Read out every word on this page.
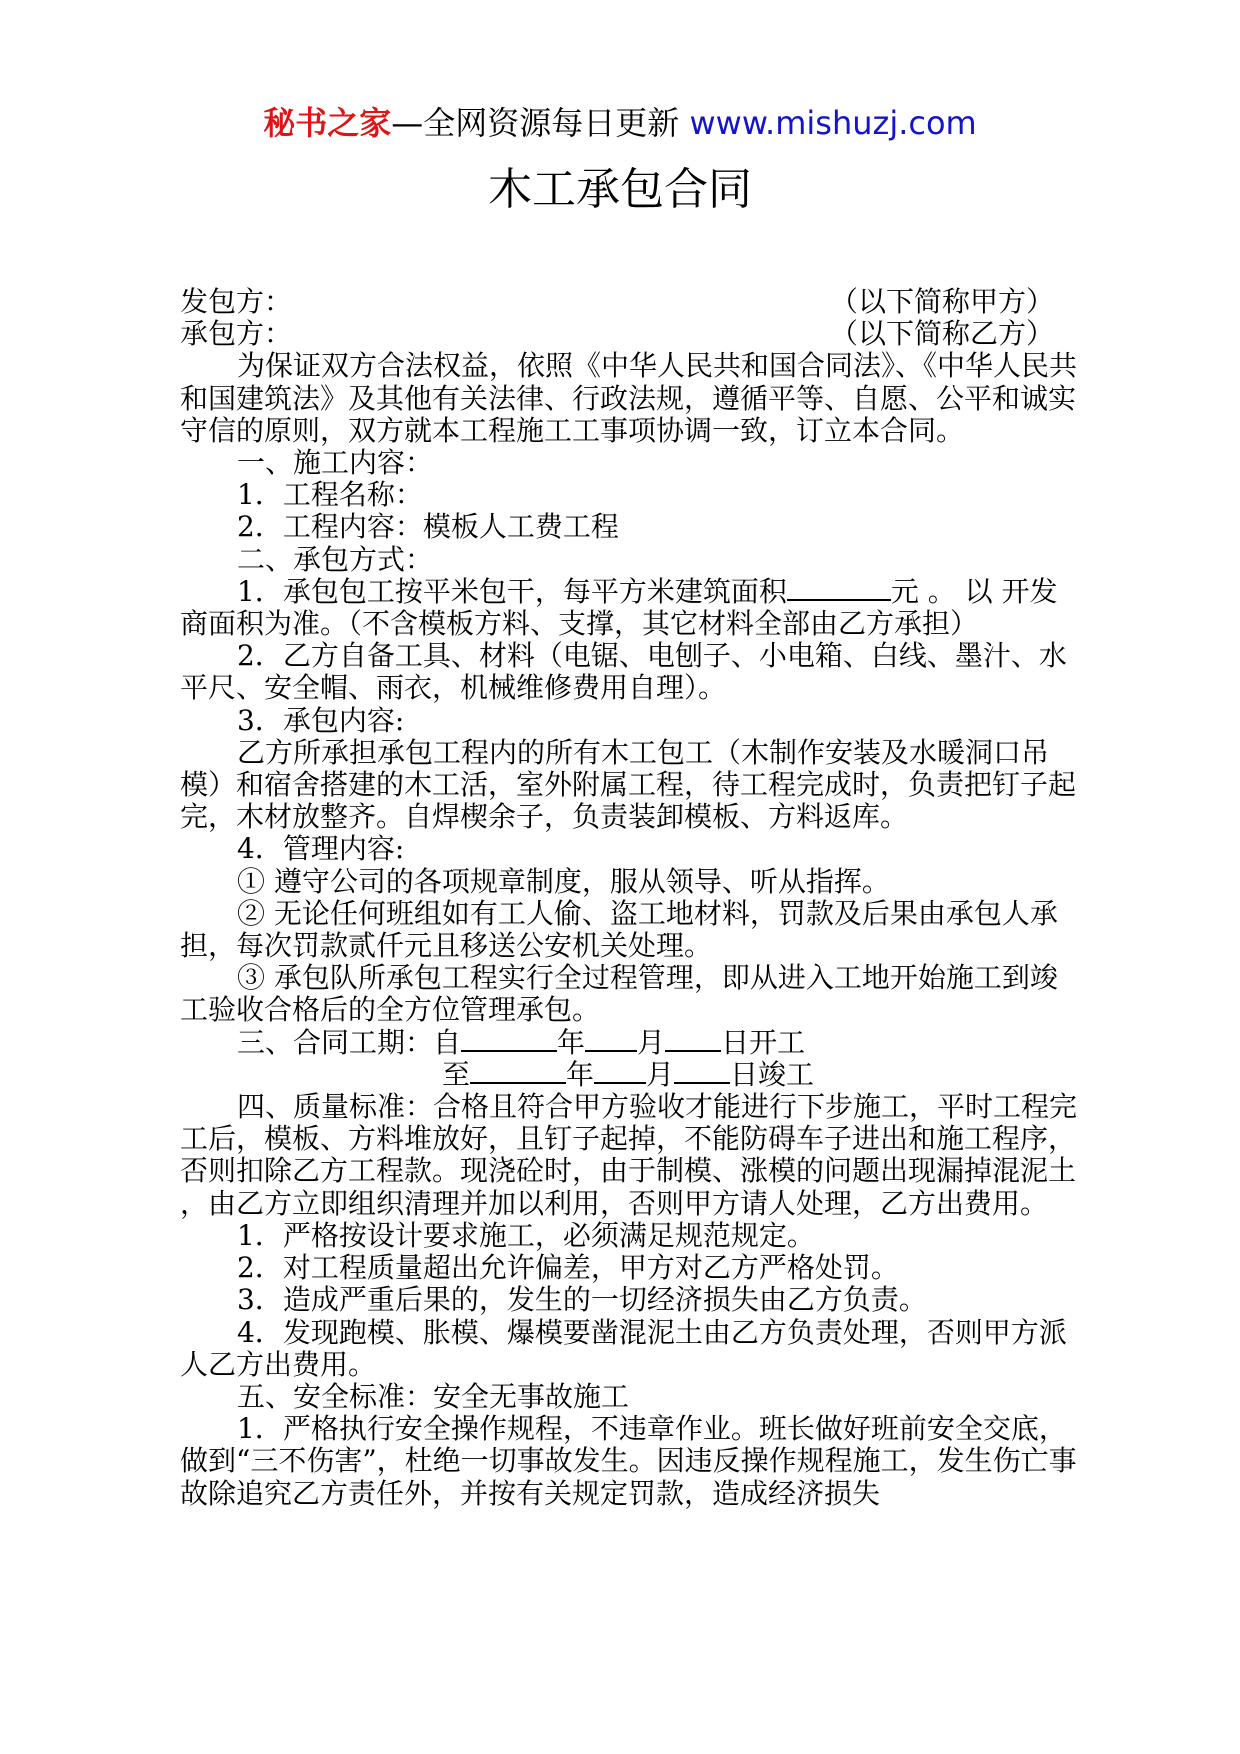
秘书之家—全网资源每日更新 www.mishuzj.com
木工承包合同
发包方：	（以下简称甲方）
承包方：	（以下简称乙方）

为保证双方合法权益，依照《中华人民共和国合同法》、《中华人民共和国建筑法》及其他有关法律、行政法规，遵循平等、自愿、公平和诚实守信的原则，双方就本工程施工工事项协调一致，订立本合同。

一、施工内容：

1．工程名称：

2．工程内容：模板人工费工程

二、承包方式：

1．承包包工按平米包干，每平方米建筑面积	元 。 以 开发商面积为准。（不含模板方料、支撑，其它材料全部由乙方承担）

2．乙方自备工具、材料（电锯、电刨子、小电箱、白线、墨汁、水平尺、安全帽、雨衣，机械维修费用自理）。

3．承包内容:

乙方所承担承包工程内的所有木工包工（木制作安装及水暖洞口吊模）和宿舍搭建的木工活，室外附属工程，待工程完成时，负责把钉子起完，木材放整齐。自焊楔余子，负责装卸模板、方料返库。

4．管理内容:

① 遵守公司的各项规章制度，服从领导、听从指挥。

② 无论任何班组如有工人偷、盗工地材料，罚款及后果由承包人承担，每次罚款贰仟元且移送公安机关处理。

③ 承包队所承包工程实行全过程管理，即从进入工地开始施工到竣工验收合格后的全方位管理承包。

三、合同工期：自	年 月 日开工

至	年 月 日竣工

四、质量标准：合格且符合甲方验收才能进行下步施工，平时工程完工后，模板、方料堆放好，且钉子起掉，不能防碍车子进出和施工程序，否则扣除乙方工程款。现浇砼时，由于制模、涨模的问题出现漏掉混泥土 ，由乙方立即组织清理并加以利用，否则甲方请人处理，乙方出费用。

1．严格按设计要求施工，必须满足规范规定。

2．对工程质量超出允许偏差，甲方对乙方严格处罚。

3．造成严重后果的，发生的一切经济损失由乙方负责。

4．发现跑模、胀模、爆模要凿混泥土由乙方负责处理，否则甲方派人乙方出费用。

五、安全标准：安全无事故施工

1．严格执行安全操作规程，不违章作业。班长做好班前安全交底，做到“三不伤害”，杜绝一切事故发生。因违反操作规程施工，发生伤亡事故除追究乙方责任外，并按有关规定罚款，造成经济损失
